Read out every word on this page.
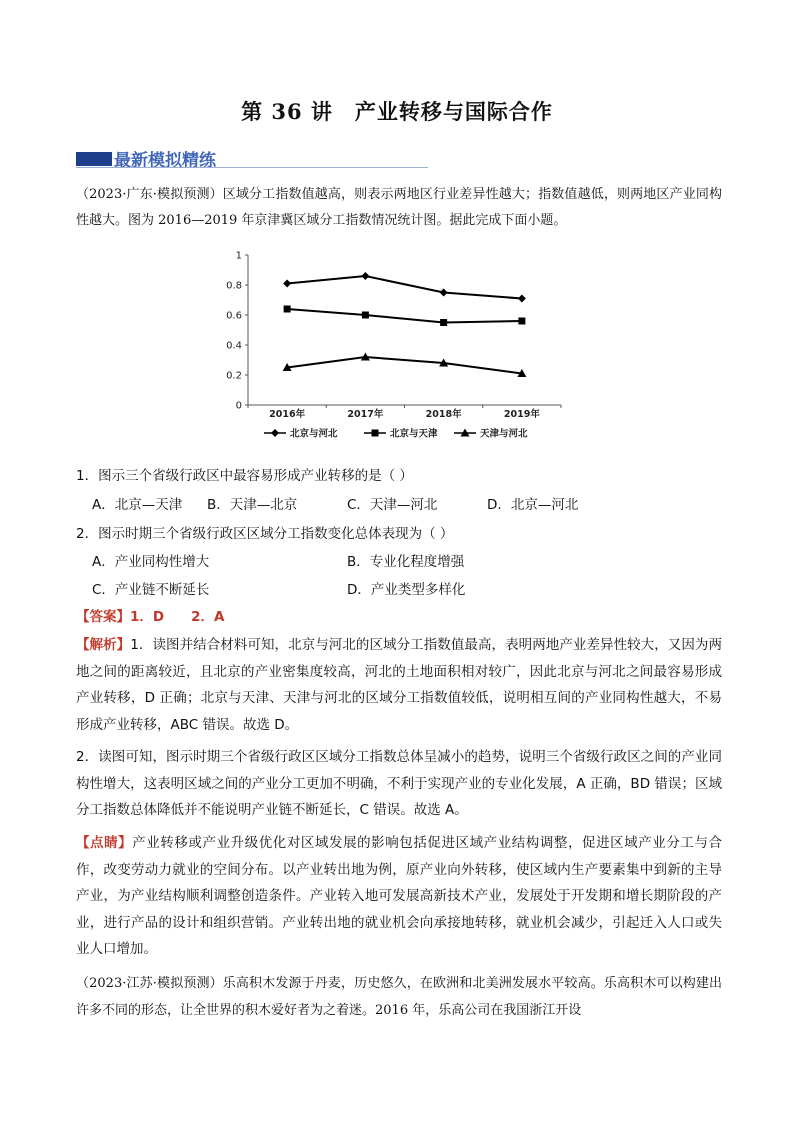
第 36 讲　产业转移与国际合作
最新模拟精练
（2023·广东·模拟预测）区域分工指数值越高，则表示两地区行业差异性越大；指数值越低，则两地区产业同构性越大。图为 2016—2019 年京津冀区域分工指数情况统计图。据此完成下面小题。
0
0.2
0.4
0.6
0.8
1
2016年	2017年	2018年	2019年
北京与河北	北京与天津	天津与河北
1．图示三个省级行政区中最容易形成产业转移的是（ ）
A．北京—天津 B．天津—北京	C．天津—河北	D．北京—河北
2．图示时期三个省级行政区区域分工指数变化总体表现为（ ）
A．产业同构性增大	B．专业化程度增强
C．产业链不断延长	D．产业类型多样化
【答案】1．D　　2．A
【解析】1．读图并结合材料可知，北京与河北的区域分工指数值最高，表明两地产业差异性较大，又因为两地之间的距离较近，且北京的产业密集度较高，河北的土地面积相对较广，因此北京与河北之间最容易形成产业转移，D 正确；北京与天津、天津与河北的区域分工指数值较低，说明相互间的产业同构性越大，不易形成产业转移，ABC 错误。故选 D。
2．读图可知，图示时期三个省级行政区区域分工指数总体呈减小的趋势，说明三个省级行政区之间的产业同构性增大，这表明区域之间的产业分工更加不明确，不利于实现产业的专业化发展，A 正确，BD 错误；区域分工指数总体降低并不能说明产业链不断延长，C 错误。故选 A。
【点睛】产业转移或产业升级优化对区域发展的影响包括促进区域产业结构调整，促进区域产业分工与合作，改变劳动力就业的空间分布。以产业转出地为例，原产业向外转移，使区域内生产要素集中到新的主导产业，为产业结构顺利调整创造条件。产业转入地可发展高新技术产业，发展处于开发期和增长期阶段的产业，进行产品的设计和组织营销。产业转出地的就业机会向承接地转移，就业机会减少，引起迁入人口或失业人口增加。
（2023·江苏·模拟预测）乐高积木发源于丹麦，历史悠久，在欧洲和北美洲发展水平较高。乐高积木可以构建出许多不同的形态，让全世界的积木爱好者为之着迷。2016 年，乐高公司在我国浙江开设
